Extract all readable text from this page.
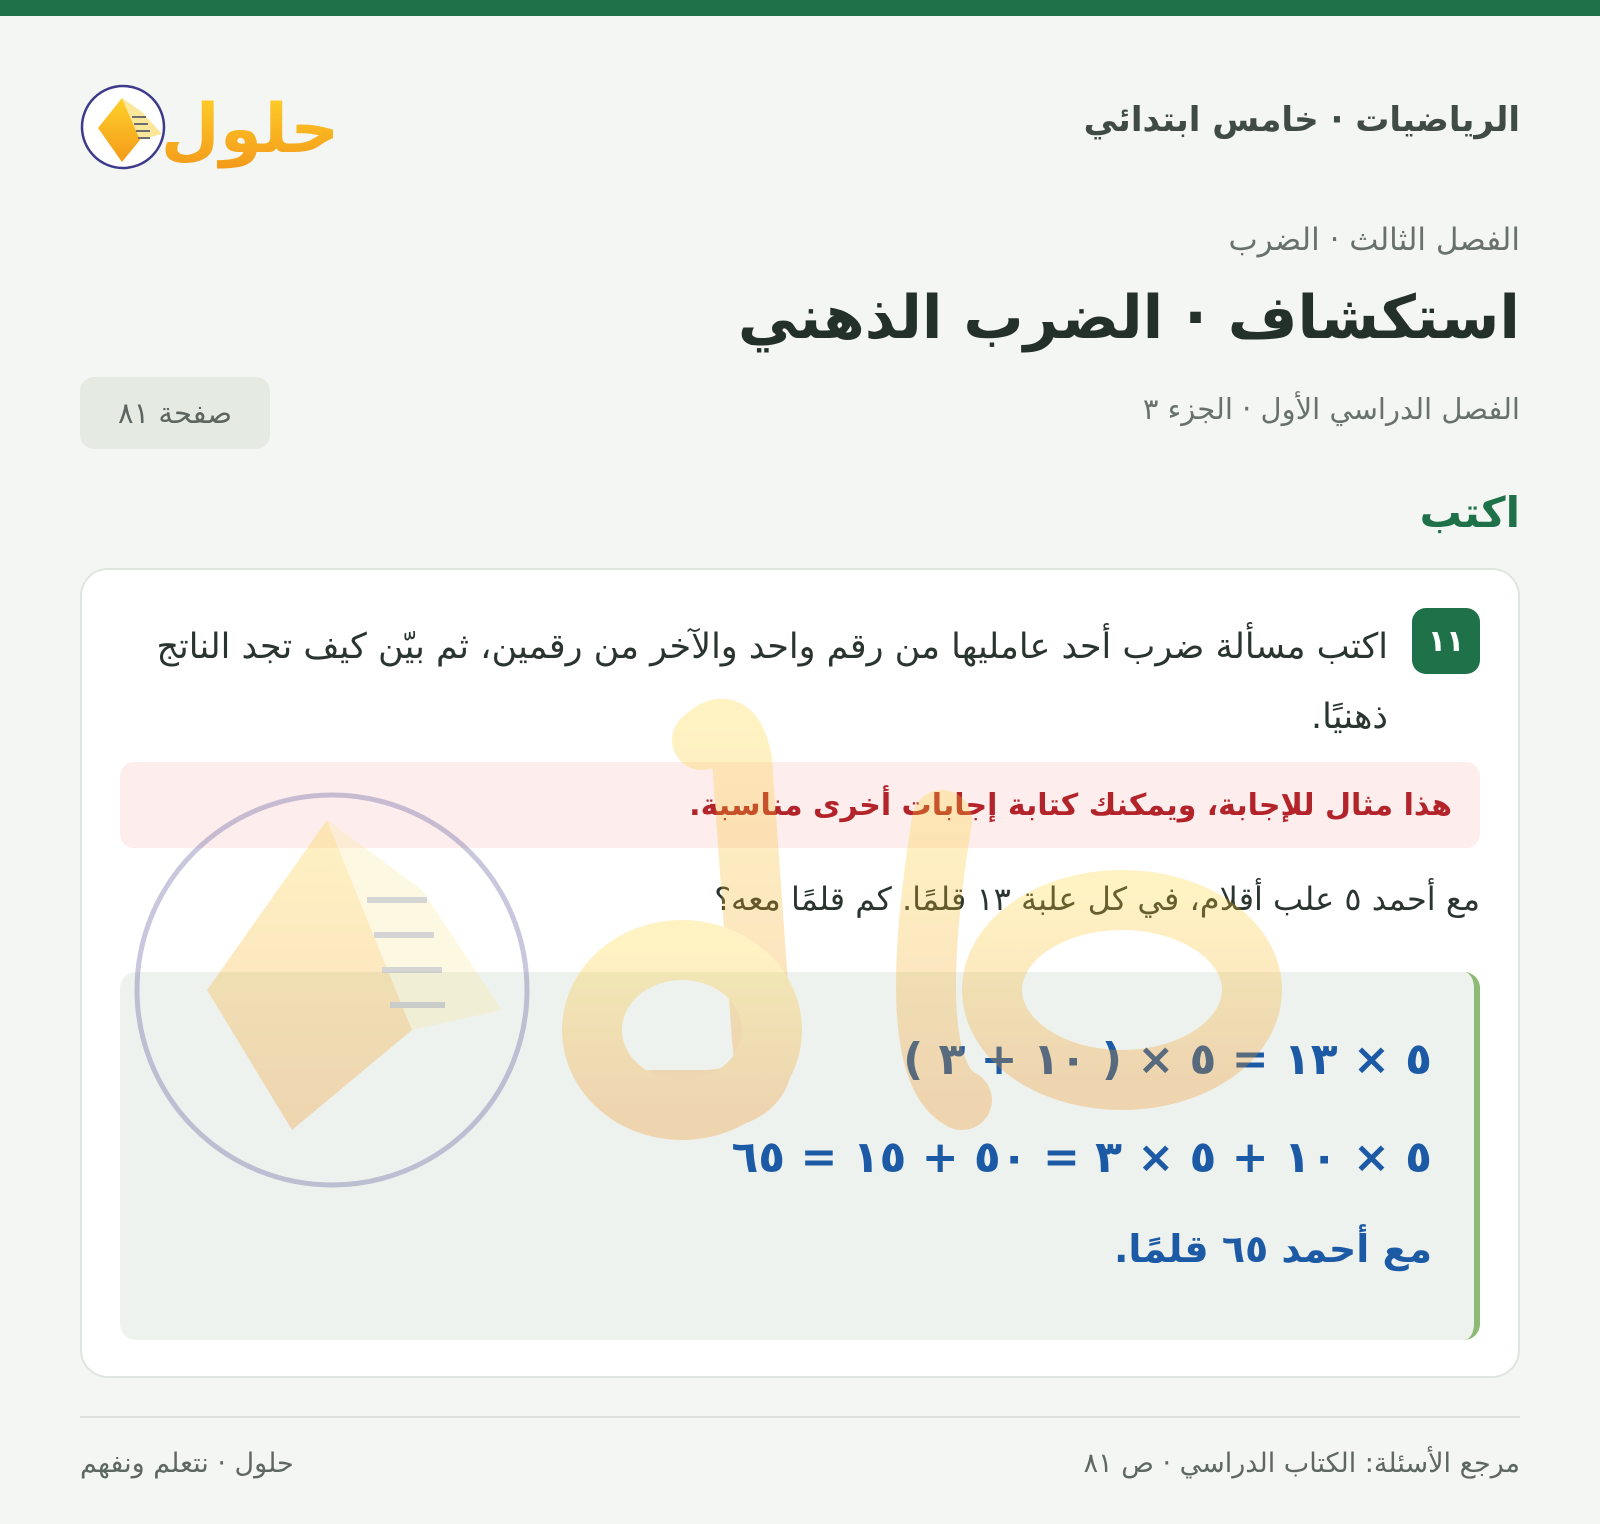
الرياضيات · خامس ابتدائي
حلول
الفصل الثالث · الضرب
استكشاف · الضرب الذهني
الفصل الدراسي الأول · الجزء ٣
صفحة ٨١
اكتب
١١

اكتب مسألة ضرب أحد عامليها من رقم واحد والآخر من رقمين، ثم بيّن كيف تجد الناتج ذهنيًا.

هذا مثال للإجابة، ويمكنك كتابة إجابات أخرى مناسبة.

مع أحمد ٥ علب أقلام، في كل علبة ١٣ قلمًا. كم قلمًا معه؟

٥ × ١٣ = ٥ × ( ١٠ + ٣ )
٥ × ١٠ + ٥ × ٣ = ٥٠ + ١٥ = ٦٥
مع أحمد ٦٥ قلمًا.
مرجع الأسئلة: الكتاب الدراسي · ص ٨١
حلول · نتعلم ونفهم
